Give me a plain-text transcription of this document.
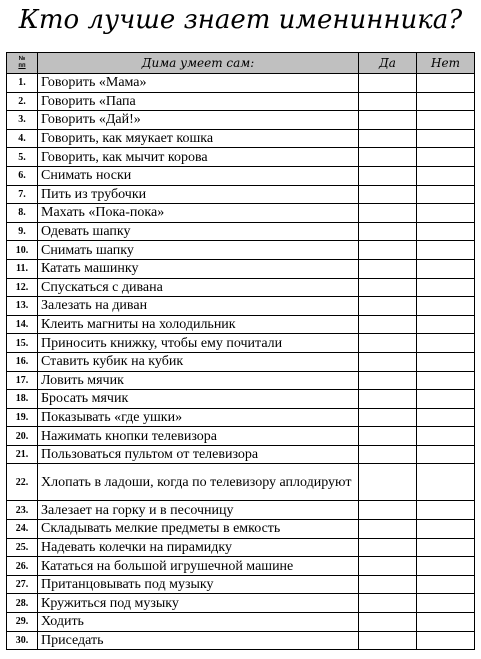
Кто лучше знает именинника?
№
пп	Дима умеет сам:	Да	Нет
1.	Говорить «Мама»		
2.	Говорить «Папа		
3.	Говорить «Дай!»		
4.	Говорить, как мяукает кошка		
5.	Говорить, как мычит корова		
6.	Снимать носки		
7.	Пить из трубочки		
8.	Махать «Пока-пока»		
9.	Одевать шапку		
10.	Снимать шапку		
11.	Катать машинку		
12.	Спускаться с дивана		
13.	Залезать на диван		
14.	Клеить магниты на холодильник		
15.	Приносить книжку, чтобы ему почитали		
16.	Ставить кубик на кубик		
17.	Ловить мячик		
18.	Бросать мячик		
19.	Показывать «где ушки»		
20.	Нажимать кнопки телевизора		
21.	Пользоваться пультом от телевизора		
22.	Хлопать в ладоши, когда по телевизору аплодируют		
23.	Залезает на горку и в песочницу		
24.	Складывать мелкие предметы в емкость		
25.	Надевать колечки на пирамидку		
26.	Кататься на большой игрушечной машине		
27.	Пританцовывать под музыку		
28.	Кружиться под музыку		
29.	Ходить		
30.	Приседать		
